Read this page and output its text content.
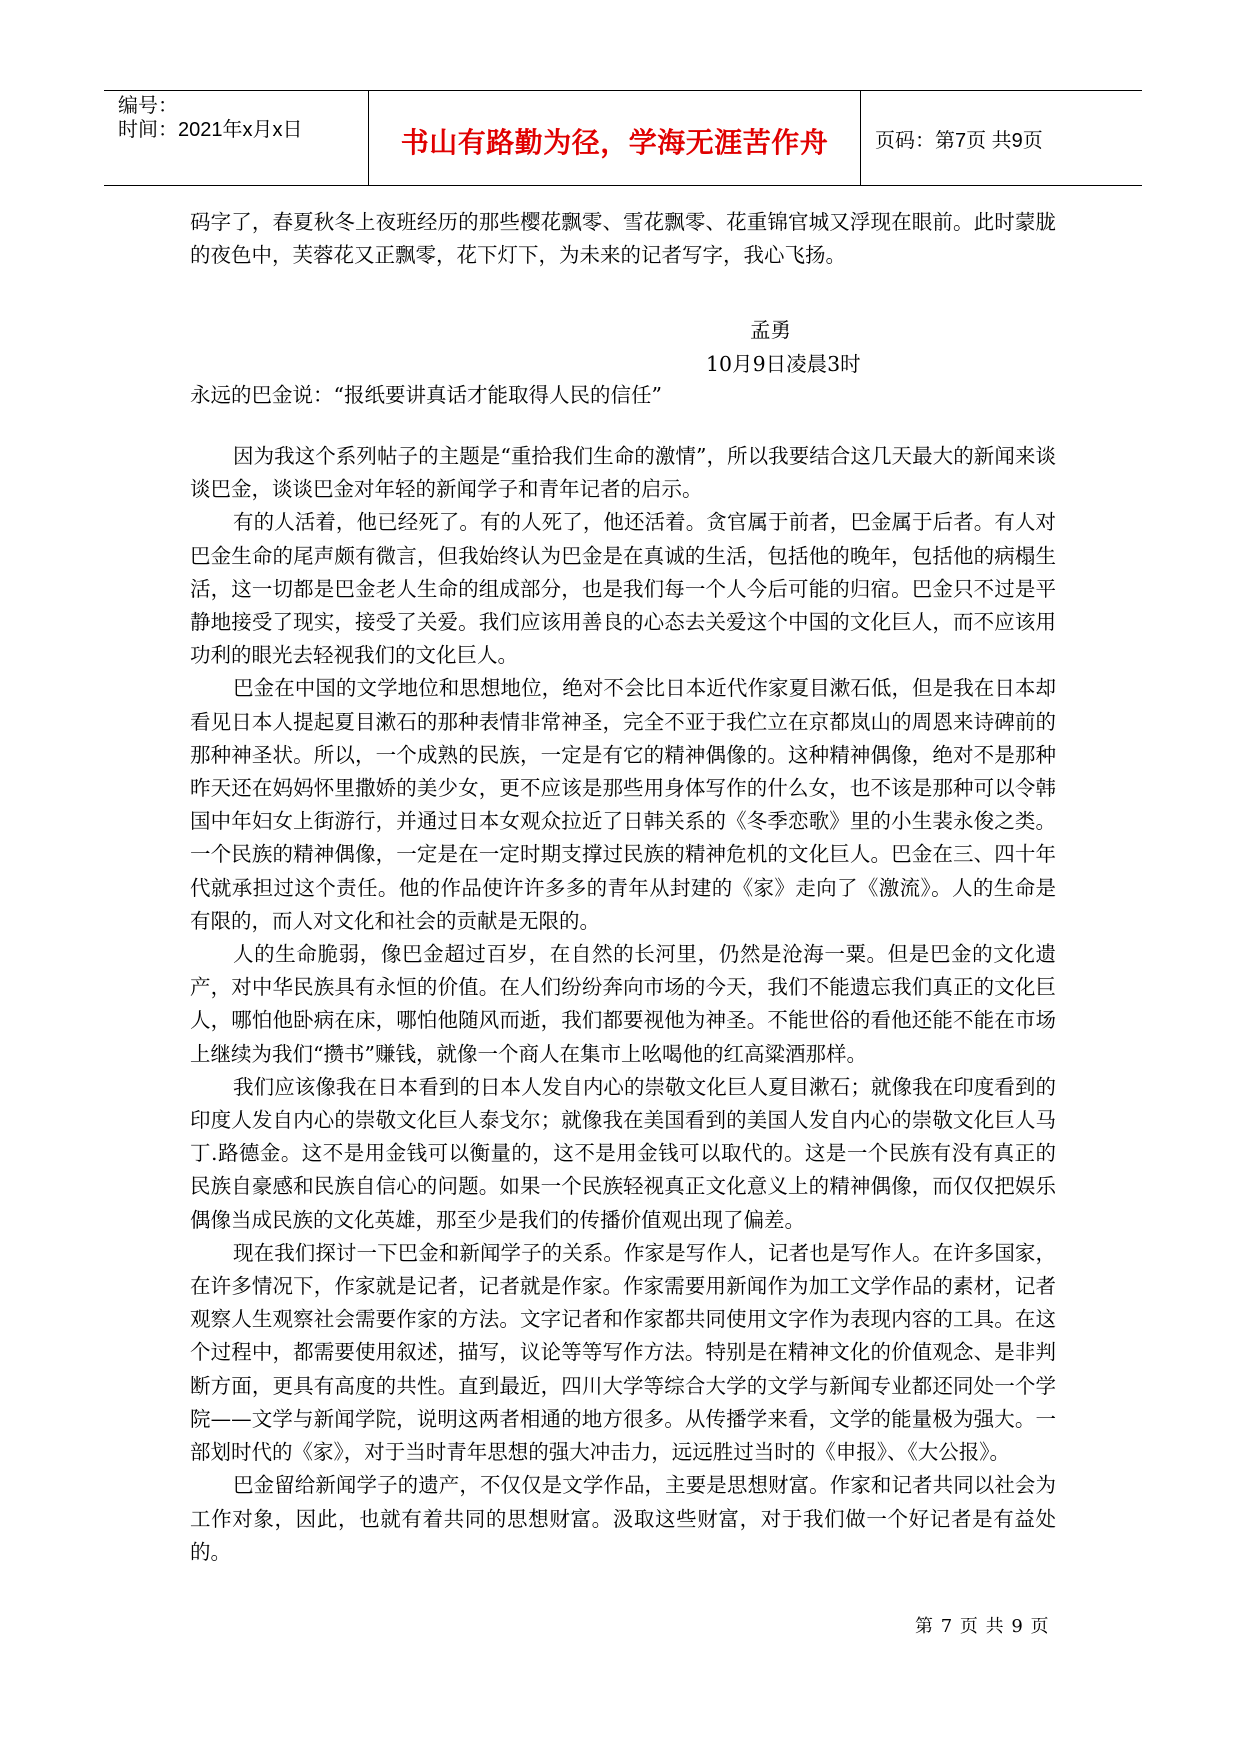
编号：
时间：2021年x月x日	书山有路勤为径，学海无涯苦作舟	页码：第7页 共9页

码字了，春夏秋冬上夜班经历的那些樱花飘零、雪花飘零、花重锦官城又浮现在眼前。此时蒙胧的夜色中，芙蓉花又正飘零，花下灯下，为未来的记者写字，我心飞扬。

孟勇
10月9日凌晨3时

永远的巴金说：“报纸要讲真话才能取得人民的信任”

因为我这个系列帖子的主题是“重拾我们生命的激情”，所以我要结合这几天最大的新闻来谈谈巴金，谈谈巴金对年轻的新闻学子和青年记者的启示。

有的人活着，他已经死了。有的人死了，他还活着。贪官属于前者，巴金属于后者。有人对巴金生命的尾声颇有微言，但我始终认为巴金是在真诚的生活，包括他的晚年，包括他的病榻生活，这一切都是巴金老人生命的组成部分，也是我们每一个人今后可能的归宿。巴金只不过是平静地接受了现实，接受了关爱。我们应该用善良的心态去关爱这个中国的文化巨人，而不应该用功利的眼光去轻视我们的文化巨人。

巴金在中国的文学地位和思想地位，绝对不会比日本近代作家夏目漱石低，但是我在日本却看见日本人提起夏目漱石的那种表情非常神圣，完全不亚于我伫立在京都岚山的周恩来诗碑前的那种神圣状。所以，一个成熟的民族，一定是有它的精神偶像的。这种精神偶像，绝对不是那种昨天还在妈妈怀里撒娇的美少女，更不应该是那些用身体写作的什么女，也不该是那种可以令韩国中年妇女上街游行，并通过日本女观众拉近了日韩关系的《冬季恋歌》里的小生裴永俊之类。一个民族的精神偶像，一定是在一定时期支撑过民族的精神危机的文化巨人。巴金在三、四十年代就承担过这个责任。他的作品使许许多多的青年从封建的《家》走向了《激流》。人的生命是有限的，而人对文化和社会的贡献是无限的。

人的生命脆弱，像巴金超过百岁，在自然的长河里，仍然是沧海一粟。但是巴金的文化遗产，对中华民族具有永恒的价值。在人们纷纷奔向市场的今天，我们不能遗忘我们真正的文化巨人，哪怕他卧病在床，哪怕他随风而逝，我们都要视他为神圣。不能世俗的看他还能不能在市场上继续为我们“攒书”赚钱，就像一个商人在集市上吆喝他的红高粱酒那样。

我们应该像我在日本看到的日本人发自内心的崇敬文化巨人夏目漱石；就像我在印度看到的印度人发自内心的崇敬文化巨人泰戈尔；就像我在美国看到的美国人发自内心的崇敬文化巨人马丁.路德金。这不是用金钱可以衡量的，这不是用金钱可以取代的。这是一个民族有没有真正的民族自豪感和民族自信心的问题。如果一个民族轻视真正文化意义上的精神偶像，而仅仅把娱乐偶像当成民族的文化英雄，那至少是我们的传播价值观出现了偏差。

现在我们探讨一下巴金和新闻学子的关系。作家是写作人，记者也是写作人。在许多国家，在许多情况下，作家就是记者，记者就是作家。作家需要用新闻作为加工文学作品的素材，记者观察人生观察社会需要作家的方法。文字记者和作家都共同使用文字作为表现内容的工具。在这个过程中，都需要使用叙述，描写，议论等等写作方法。特别是在精神文化的价值观念、是非判断方面，更具有高度的共性。直到最近，四川大学等综合大学的文学与新闻专业都还同处一个学院——文学与新闻学院，说明这两者相通的地方很多。从传播学来看，文学的能量极为强大。一部划时代的《家》，对于当时青年思想的强大冲击力，远远胜过当时的《申报》、《大公报》。

巴金留给新闻学子的遗产，不仅仅是文学作品，主要是思想财富。作家和记者共同以社会为工作对象，因此，也就有着共同的思想财富。汲取这些财富，对于我们做一个好记者是有益处的。

第 7 页 共 9 页
